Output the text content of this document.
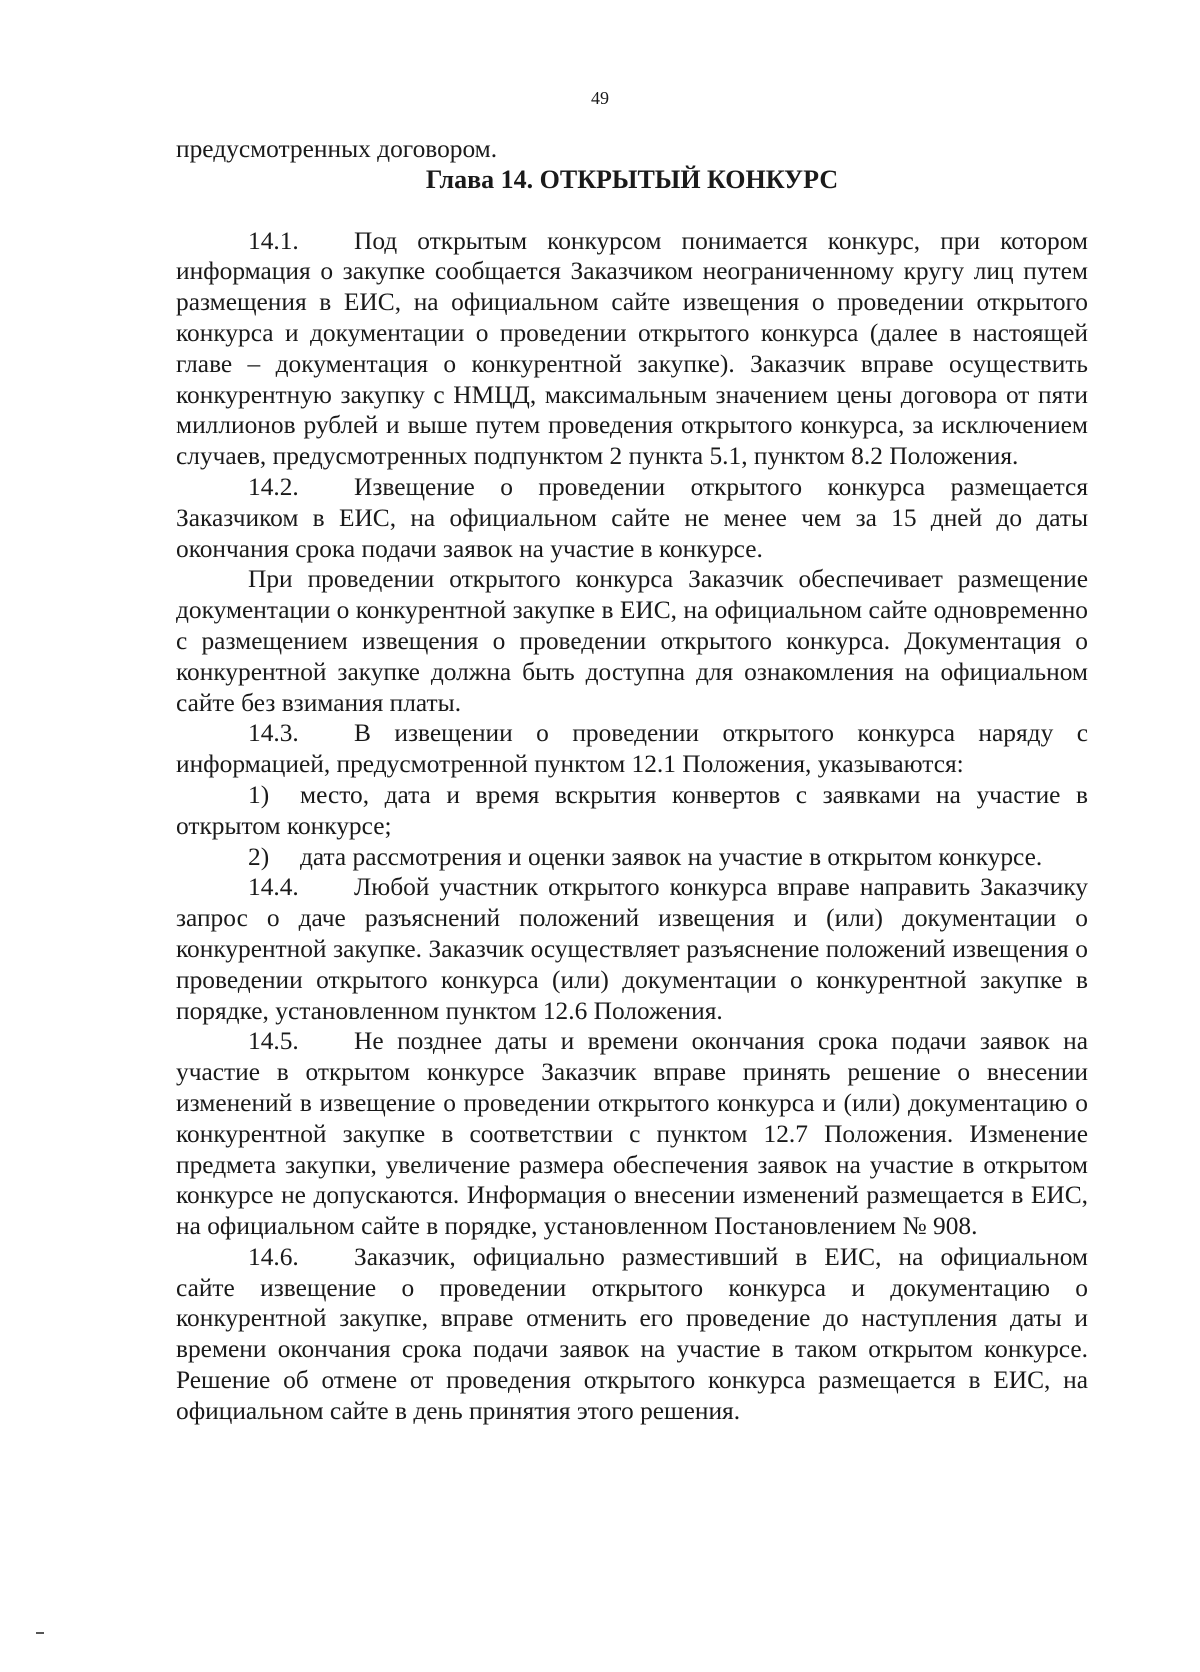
49

предусмотренных договором.

Глава 14. ОТКРЫТЫЙ КОНКУРС

14.1. Под открытым конкурсом понимается конкурс, при котором информация о закупке сообщается Заказчиком неограниченному кругу лиц путем размещения в ЕИС, на официальном сайте извещения о проведении открытого конкурса и документации о проведении открытого конкурса (далее в настоящей главе – документация о конкурентной закупке). Заказчик вправе осуществить конкурентную закупку с НМЦД, максимальным значением цены договора от пяти миллионов рублей и выше путем проведения открытого конкурса, за исключением случаев, предусмотренных подпунктом 2 пункта 5.1, пунктом 8.2 Положения.

14.2. Извещение о проведении открытого конкурса размещается Заказчиком в ЕИС, на официальном сайте не менее чем за 15 дней до даты окончания срока подачи заявок на участие в конкурсе.

При проведении открытого конкурса Заказчик обеспечивает размещение документации о конкурентной закупке в ЕИС, на официальном сайте одновременно с размещением извещения о проведении открытого конкурса. Документация о конкурентной закупке должна быть доступна для ознакомления на официальном сайте без взимания платы.

14.3. В извещении о проведении открытого конкурса наряду с информацией, предусмотренной пунктом 12.1 Положения, указываются:

1) место, дата и время вскрытия конвертов с заявками на участие в открытом конкурсе;

2) дата рассмотрения и оценки заявок на участие в открытом конкурсе.

14.4. Любой участник открытого конкурса вправе направить Заказчику запрос о даче разъяснений положений извещения и (или) документации о конкурентной закупке. Заказчик осуществляет разъяснение положений извещения о проведении открытого конкурса (или) документации о конкурентной закупке в порядке, установленном пунктом 12.6 Положения.

14.5. Не позднее даты и времени окончания срока подачи заявок на участие в открытом конкурсе Заказчик вправе принять решение о внесении изменений в извещение о проведении открытого конкурса и (или) документацию о конкурентной закупке в соответствии с пунктом 12.7 Положения. Изменение предмета закупки, увеличение размера обеспечения заявок на участие в открытом конкурсе не допускаются. Информация о внесении изменений размещается в ЕИС, на официальном сайте в порядке, установленном Постановлением № 908.

14.6. Заказчик, официально разместивший в ЕИС, на официальном сайте извещение о проведении открытого конкурса и документацию о конкурентной закупке, вправе отменить его проведение до наступления даты и времени окончания срока подачи заявок на участие в таком открытом конкурсе. Решение об отмене от проведения открытого конкурса размещается в ЕИС, на официальном сайте в день принятия этого решения.
